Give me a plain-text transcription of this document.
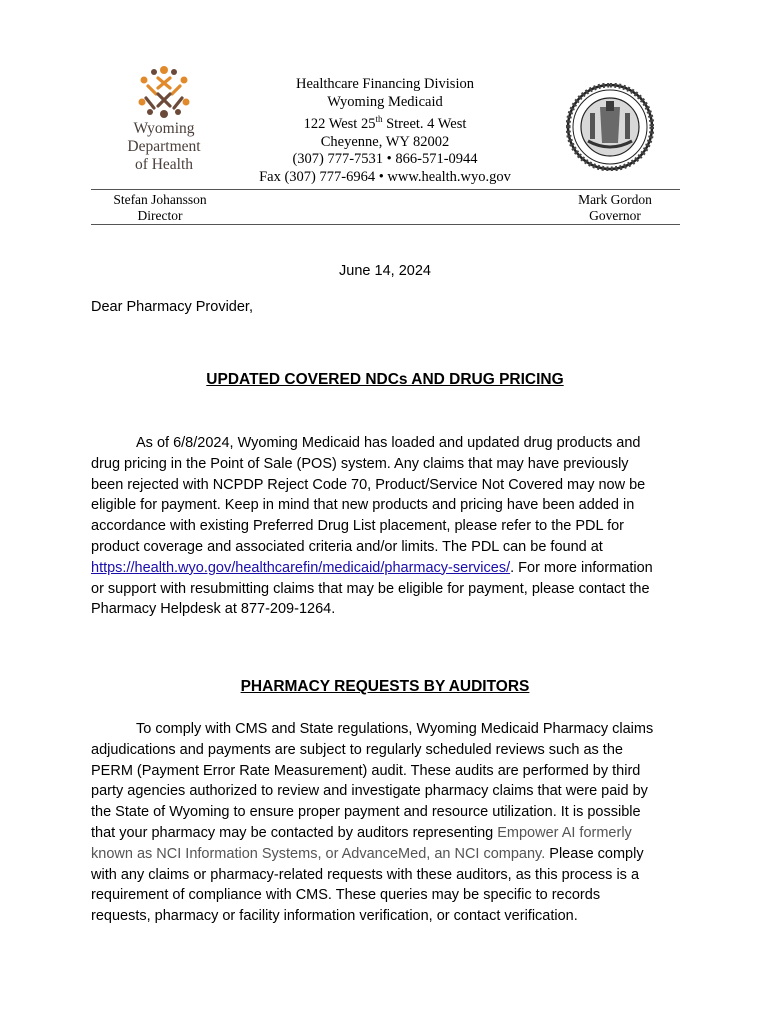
Wyoming
Department
of Health
Healthcare Financing Division
Wyoming Medicaid
122 West 25th Street. 4 West
Cheyenne, WY 82002
(307) 777-7531 • 866-571-0944
Fax (307) 777-6964 • www.health.wyo.gov
Stefan Johansson
Director
Mark Gordon
Governor
June 14, 2024
Dear Pharmacy Provider,
UPDATED COVERED NDCs AND DRUG PRICING

As of 6/8/2024, Wyoming Medicaid has loaded and updated drug products and
drug pricing in the Point of Sale (POS) system. Any claims that may have previously
been rejected with NCPDP Reject Code 70, Product/Service Not Covered may now be
eligible for payment. Keep in mind that new products and pricing have been added in
accordance with existing Preferred Drug List placement, please refer to the PDL for
product coverage and associated criteria and/or limits. The PDL can be found at
https://health.wyo.gov/healthcarefin/medicaid/pharmacy-services/. For more information
or support with resubmitting claims that may be eligible for payment, please contact the
Pharmacy Helpdesk at 877-209-1264.

PHARMACY REQUESTS BY AUDITORS

To comply with CMS and State regulations, Wyoming Medicaid Pharmacy claims
adjudications and payments are subject to regularly scheduled reviews such as the
PERM (Payment Error Rate Measurement) audit. These audits are performed by third
party agencies authorized to review and investigate pharmacy claims that were paid by
the State of Wyoming to ensure proper payment and resource utilization. It is possible
that your pharmacy may be contacted by auditors representing Empower AI formerly
known as NCI Information Systems, or AdvanceMed, an NCI company. Please comply
with any claims or pharmacy-related requests with these auditors, as this process is a
requirement of compliance with CMS. These queries may be specific to records
requests, pharmacy or facility information verification, or contact verification.
